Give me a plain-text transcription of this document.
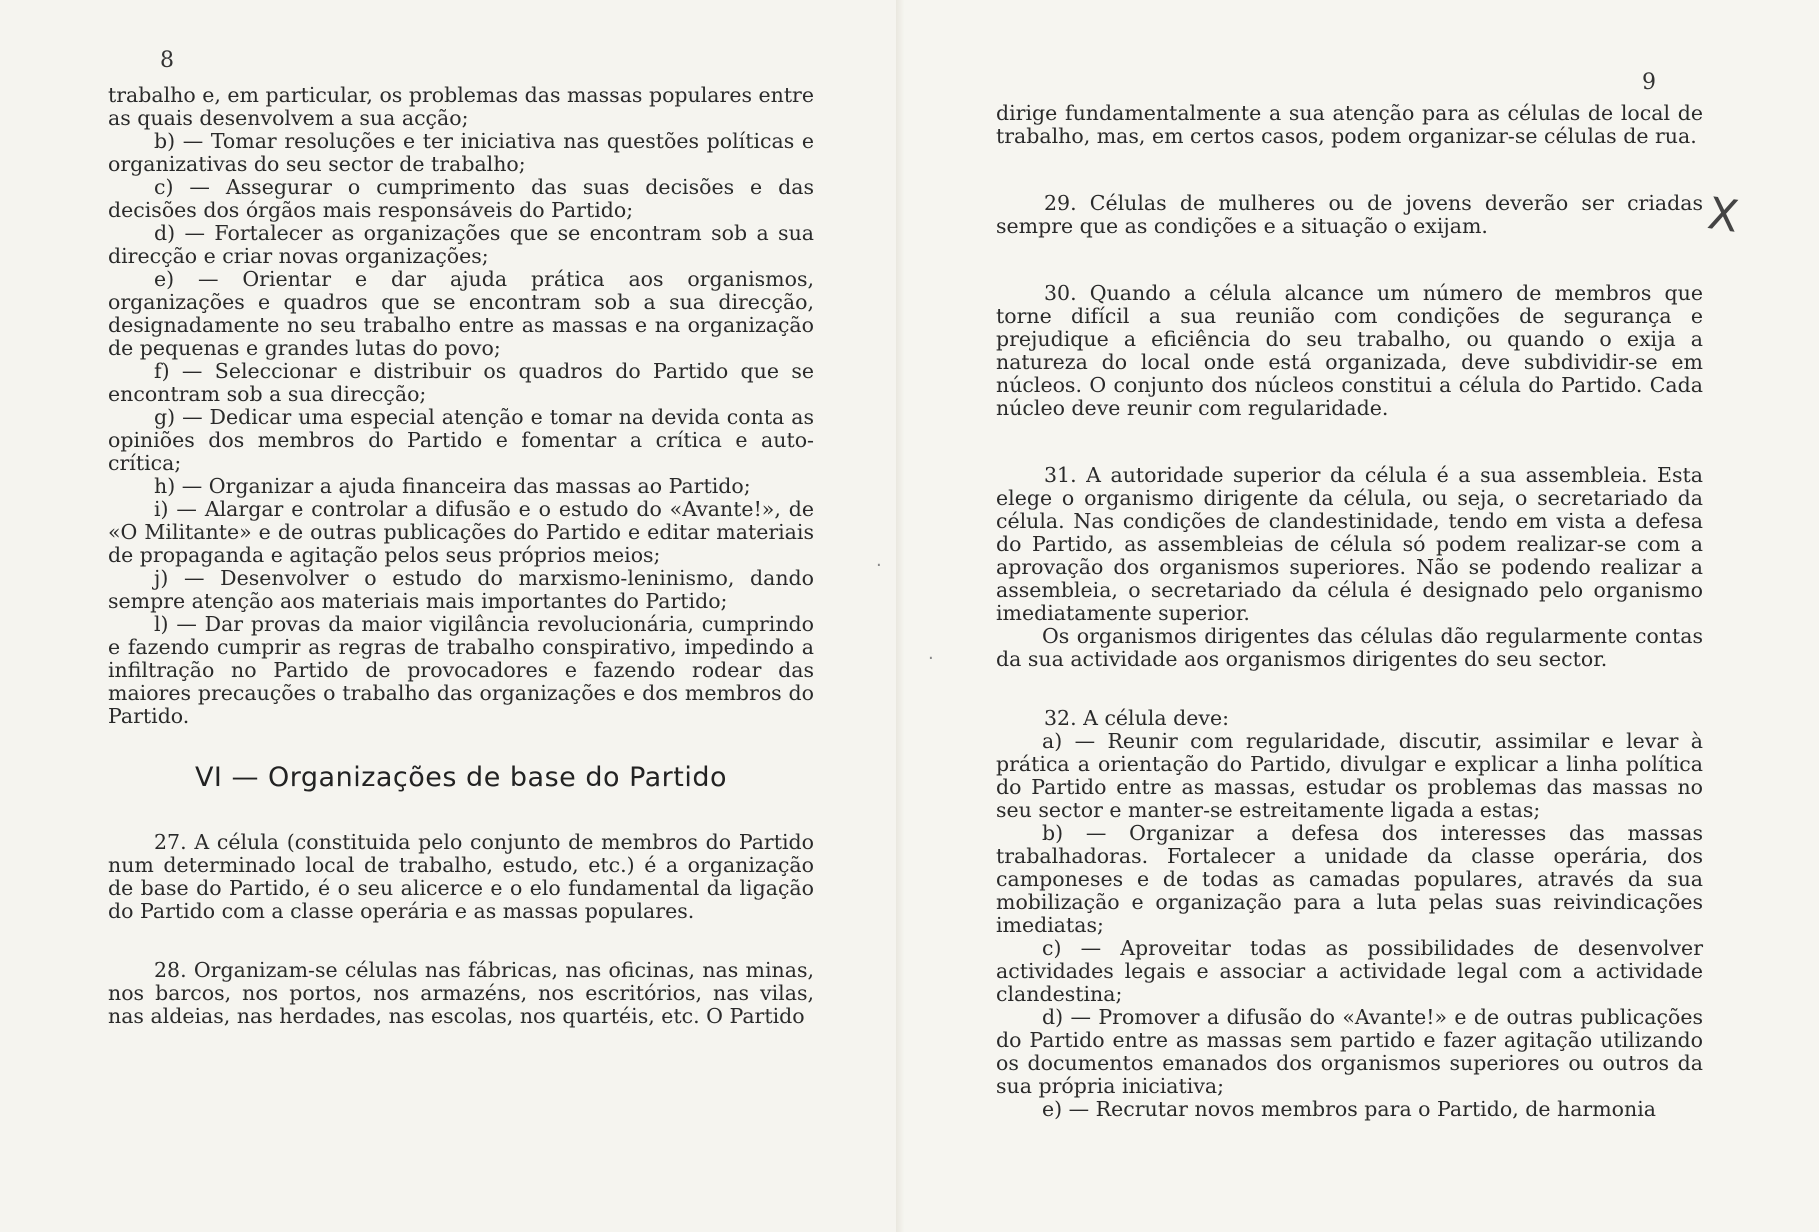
8

trabalho e, em particular, os problemas das massas populares entre as quais desenvolvem a sua acção;

b) — Tomar resoluções e ter iniciativa nas questões políticas e organizativas do seu sector de trabalho;

c) — Assegurar o cumprimento das suas decisões e das decisões dos órgãos mais responsáveis do Partido;

d) — Fortalecer as organizações que se encontram sob a sua direcção e criar novas organizações;

e) — Orientar e dar ajuda prática aos organismos, organizações e quadros que se encontram sob a sua direcção, designadamente no seu trabalho entre as massas e na organização de pequenas e grandes lutas do povo;

f) — Seleccionar e distribuir os quadros do Partido que se encontram sob a sua direcção;

g) — Dedicar uma especial atenção e tomar na devida conta as opiniões dos membros do Partido e fomentar a crítica e auto-crítica;

h) — Organizar a ajuda financeira das massas ao Partido;

i) — Alargar e controlar a difusão e o estudo do «Avante!», de «O Militante» e de outras publicações do Partido e editar materiais de propaganda e agitação pelos seus próprios meios;

j) — Desenvolver o estudo do marxismo-leninismo, dando sempre atenção aos materiais mais importantes do Partido;

l) — Dar provas da maior vigilância revolucionária, cumprindo e fazendo cumprir as regras de trabalho conspirativo, impedindo a infiltração no Partido de provocadores e fazendo rodear das maiores precauções o trabalho das organizações e dos membros do Partido.

VI — Organizações de base do Partido

27. A célula (constituida pelo conjunto de membros do Partido num determinado local de trabalho, estudo, etc.) é a organização de base do Partido, é o seu alicerce e o elo fundamental da ligação do Partido com a classe operária e as massas populares.

28. Organizam-se células nas fábricas, nas oficinas, nas minas, nos barcos, nos portos, nos armazéns, nos escritórios, nas vilas, nas aldeias, nas herdades, nas escolas, nos quartéis, etc. O Partido

·
9

dirige fundamentalmente a sua atenção para as células de local de trabalho, mas, em certos casos, podem organizar-se células de rua.

29. Células de mulheres ou de jovens deverão ser criadas sempre que as condições e a situação o exijam.

30. Quando a célula alcance um número de membros que torne difícil a sua reunião com condições de segurança e prejudique a eficiência do seu trabalho, ou quando o exija a natureza do local onde está organizada, deve subdividir-se em núcleos. O conjunto dos núcleos constitui a célula do Partido. Cada núcleo deve reunir com regularidade.

31. A autoridade superior da célula é a sua assembleia. Esta elege o organismo dirigente da célula, ou seja, o secretariado da célula. Nas condições de clandestinidade, tendo em vista a defesa do Partido, as assembleias de célula só podem realizar-se com a aprovação dos organismos superiores. Não se podendo realizar a assembleia, o secretariado da célula é designado pelo organismo imediatamente superior.

Os organismos dirigentes das células dão regularmente contas da sua actividade aos organismos dirigentes do seu sector.

32. A célula deve:

a) — Reunir com regularidade, discutir, assimilar e levar à prática a orientação do Partido, divulgar e explicar a linha política do Partido entre as massas, estudar os problemas das massas no seu sector e manter-se estreitamente ligada a estas;

b) — Organizar a defesa dos interesses das massas trabalhadoras. Fortalecer a unidade da classe operária, dos camponeses e de todas as camadas populares, através da sua mobilização e organização para a luta pelas suas reivindicações imediatas;

c) — Aproveitar todas as possibilidades de desenvolver actividades legais e associar a actividade legal com a actividade clandestina;

d) — Promover a difusão do «Avante!» e de outras publicações do Partido entre as massas sem partido e fazer agitação utilizando os documentos emanados dos organismos superiores ou outros da sua própria iniciativa;

e) — Recrutar novos membros para o Partido, de harmonia

X
·
